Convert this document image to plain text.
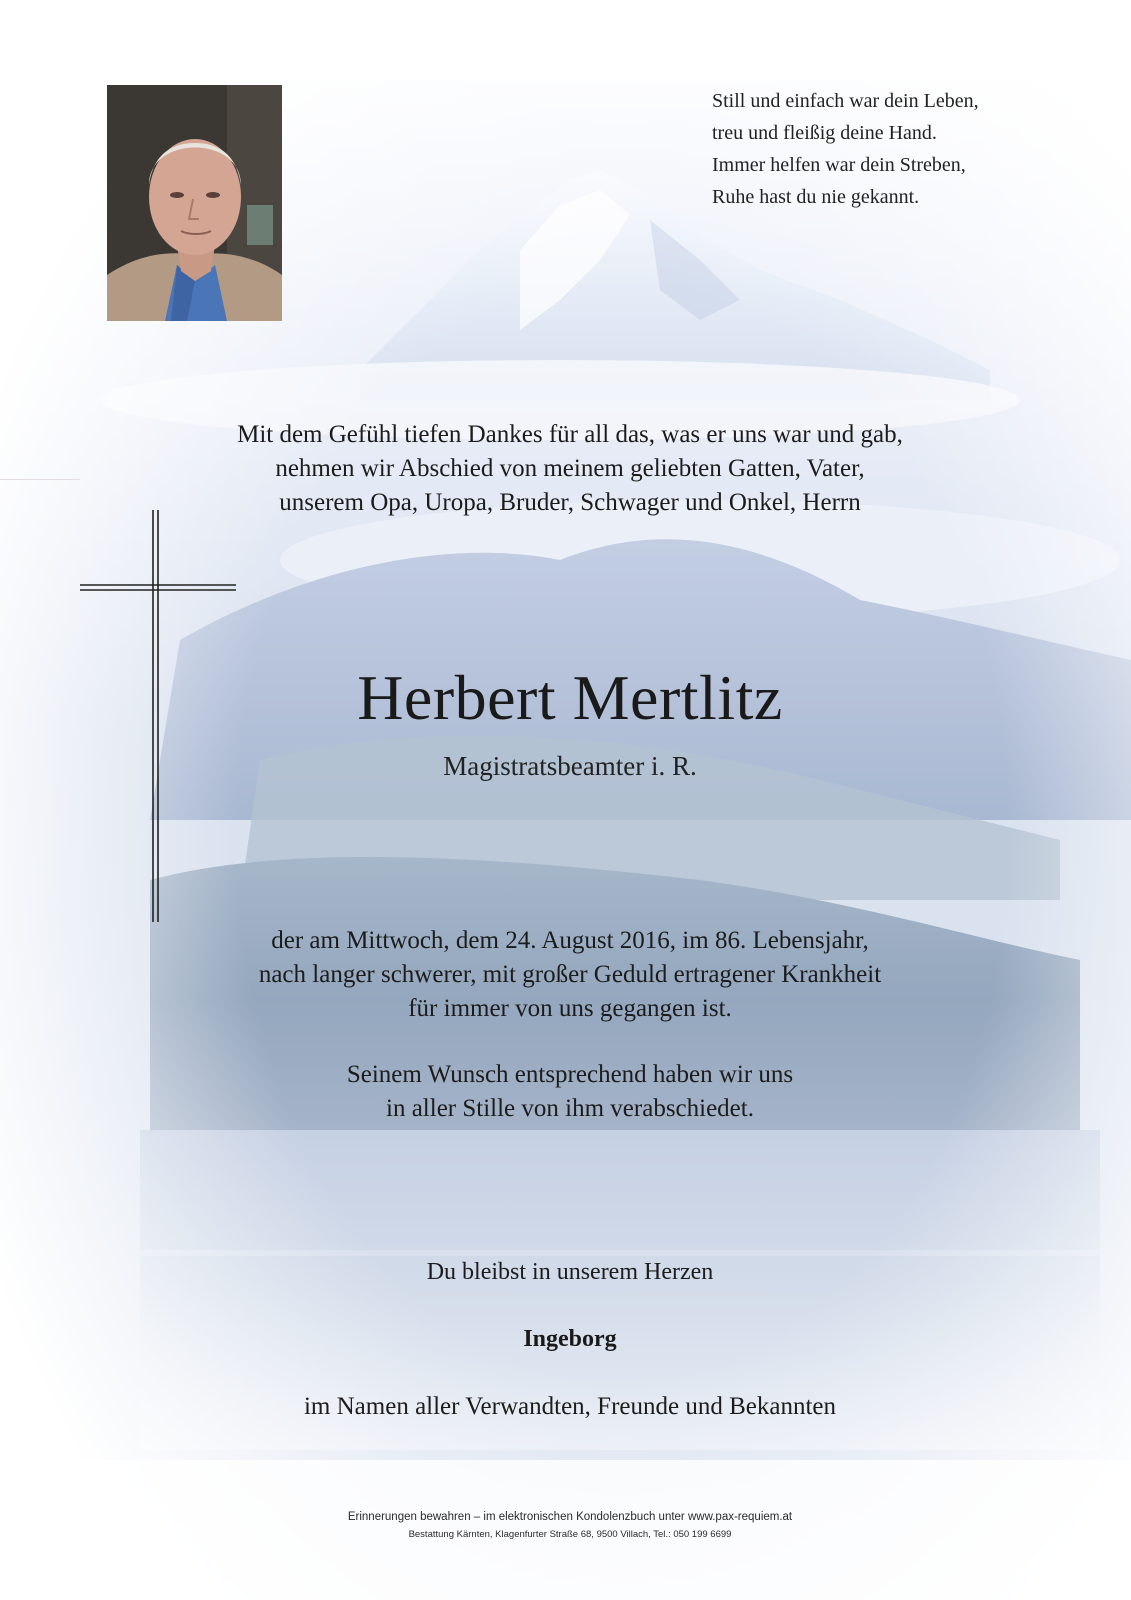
Still und einfach war dein Leben,
treu und fleißig deine Hand.
Immer helfen war dein Streben,
Ruhe hast du nie gekannt.
Mit dem Gefühl tiefen Dankes für all das, was er uns war und gab,
nehmen wir Abschied von meinem geliebten Gatten, Vater,
unserem Opa, Uropa, Bruder, Schwager und Onkel, Herrn
Herbert Mertlitz
Magistratsbeamter i. R.
der am Mittwoch, dem 24. August 2016, im 86. Lebensjahr,
nach langer schwerer, mit großer Geduld ertragener Krankheit
für immer von uns gegangen ist.
Seinem Wunsch entsprechend haben wir uns
in aller Stille von ihm verabschiedet.
Du bleibst in unserem Herzen
Ingeborg
im Namen aller Verwandten, Freunde und Bekannten
Erinnerungen bewahren – im elektronischen Kondolenzbuch unter www.pax-requiem.at
Bestattung Kärnten, Klagenfurter Straße 68, 9500 Villach, Tel.: 050 199 6699
